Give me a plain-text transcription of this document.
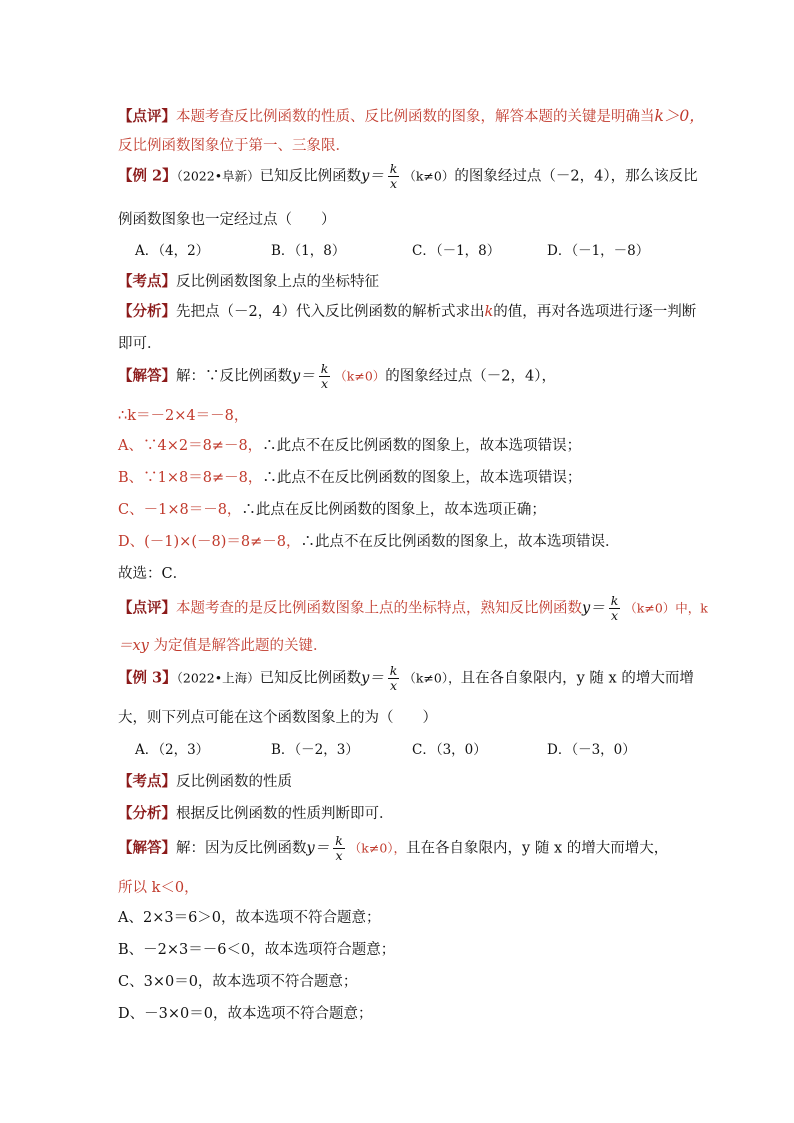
【点评】本题考查反比例函数的性质、反比例函数的图象，解答本题的关键是明确当k＞0，
反比例函数图象位于第一、三象限．
【例 2】（2022•阜新）已知反比例函数$y= \frac{k}{x} (k\ne 0)$的图象经过点（－2，4），那么该反比
例函数图象也一定经过点（　　）
A．（4，2）	B．（1，8）	C．（－1，8）	D．（－1，－8）
【考点】反比例函数图象上点的坐标特征
【分析】先把点（－2，4）代入反比例函数的解析式求出k的值，再对各选项进行逐一判断
即可．
【解答】解：∵反比例函数$y= \frac{k}{x} (k\ne 0)$的图象经过点（－2，4），
∴k＝－2×4＝－8，
A、∵4×2＝8≠－8，∴此点不在反比例函数的图象上，故本选项错误；
B、∵1×8＝8≠－8，∴此点不在反比例函数的图象上，故本选项错误；
C、－1×8＝－8，∴此点在反比例函数的图象上，故本选项正确；
D、(－1)×(－8)＝8≠－8，∴此点不在反比例函数的图象上，故本选项错误．
故选：C．
【点评】本题考查的是反比例函数图象上点的坐标特点，熟知反比例函数$y= \frac{k}{x} (k\ne 0)$中，k
＝xy 为定值是解答此题的关键．
【例 3】（2022•上海）已知反比例函数$y= \frac{k}{x} (k\ne 0)$，且在各自象限内，y 随 x 的增大而增
大，则下列点可能在这个函数图象上的为（　　）
A．（2，3）	B．（－2，3）	C．（3，0）	D．（－3，0）
【考点】反比例函数的性质
【分析】根据反比例函数的性质判断即可．
【解答】解：因为反比例函数$y= \frac{k}{x} (k\ne 0)$，且在各自象限内，y 随 x 的增大而增大，
所以 k＜0，
A、2×3＝6＞0，故本选项不符合题意；
B、－2×3＝－6＜0，故本选项符合题意；
C、3×0＝0，故本选项不符合题意；
D、－3×0＝0，故本选项不符合题意；
